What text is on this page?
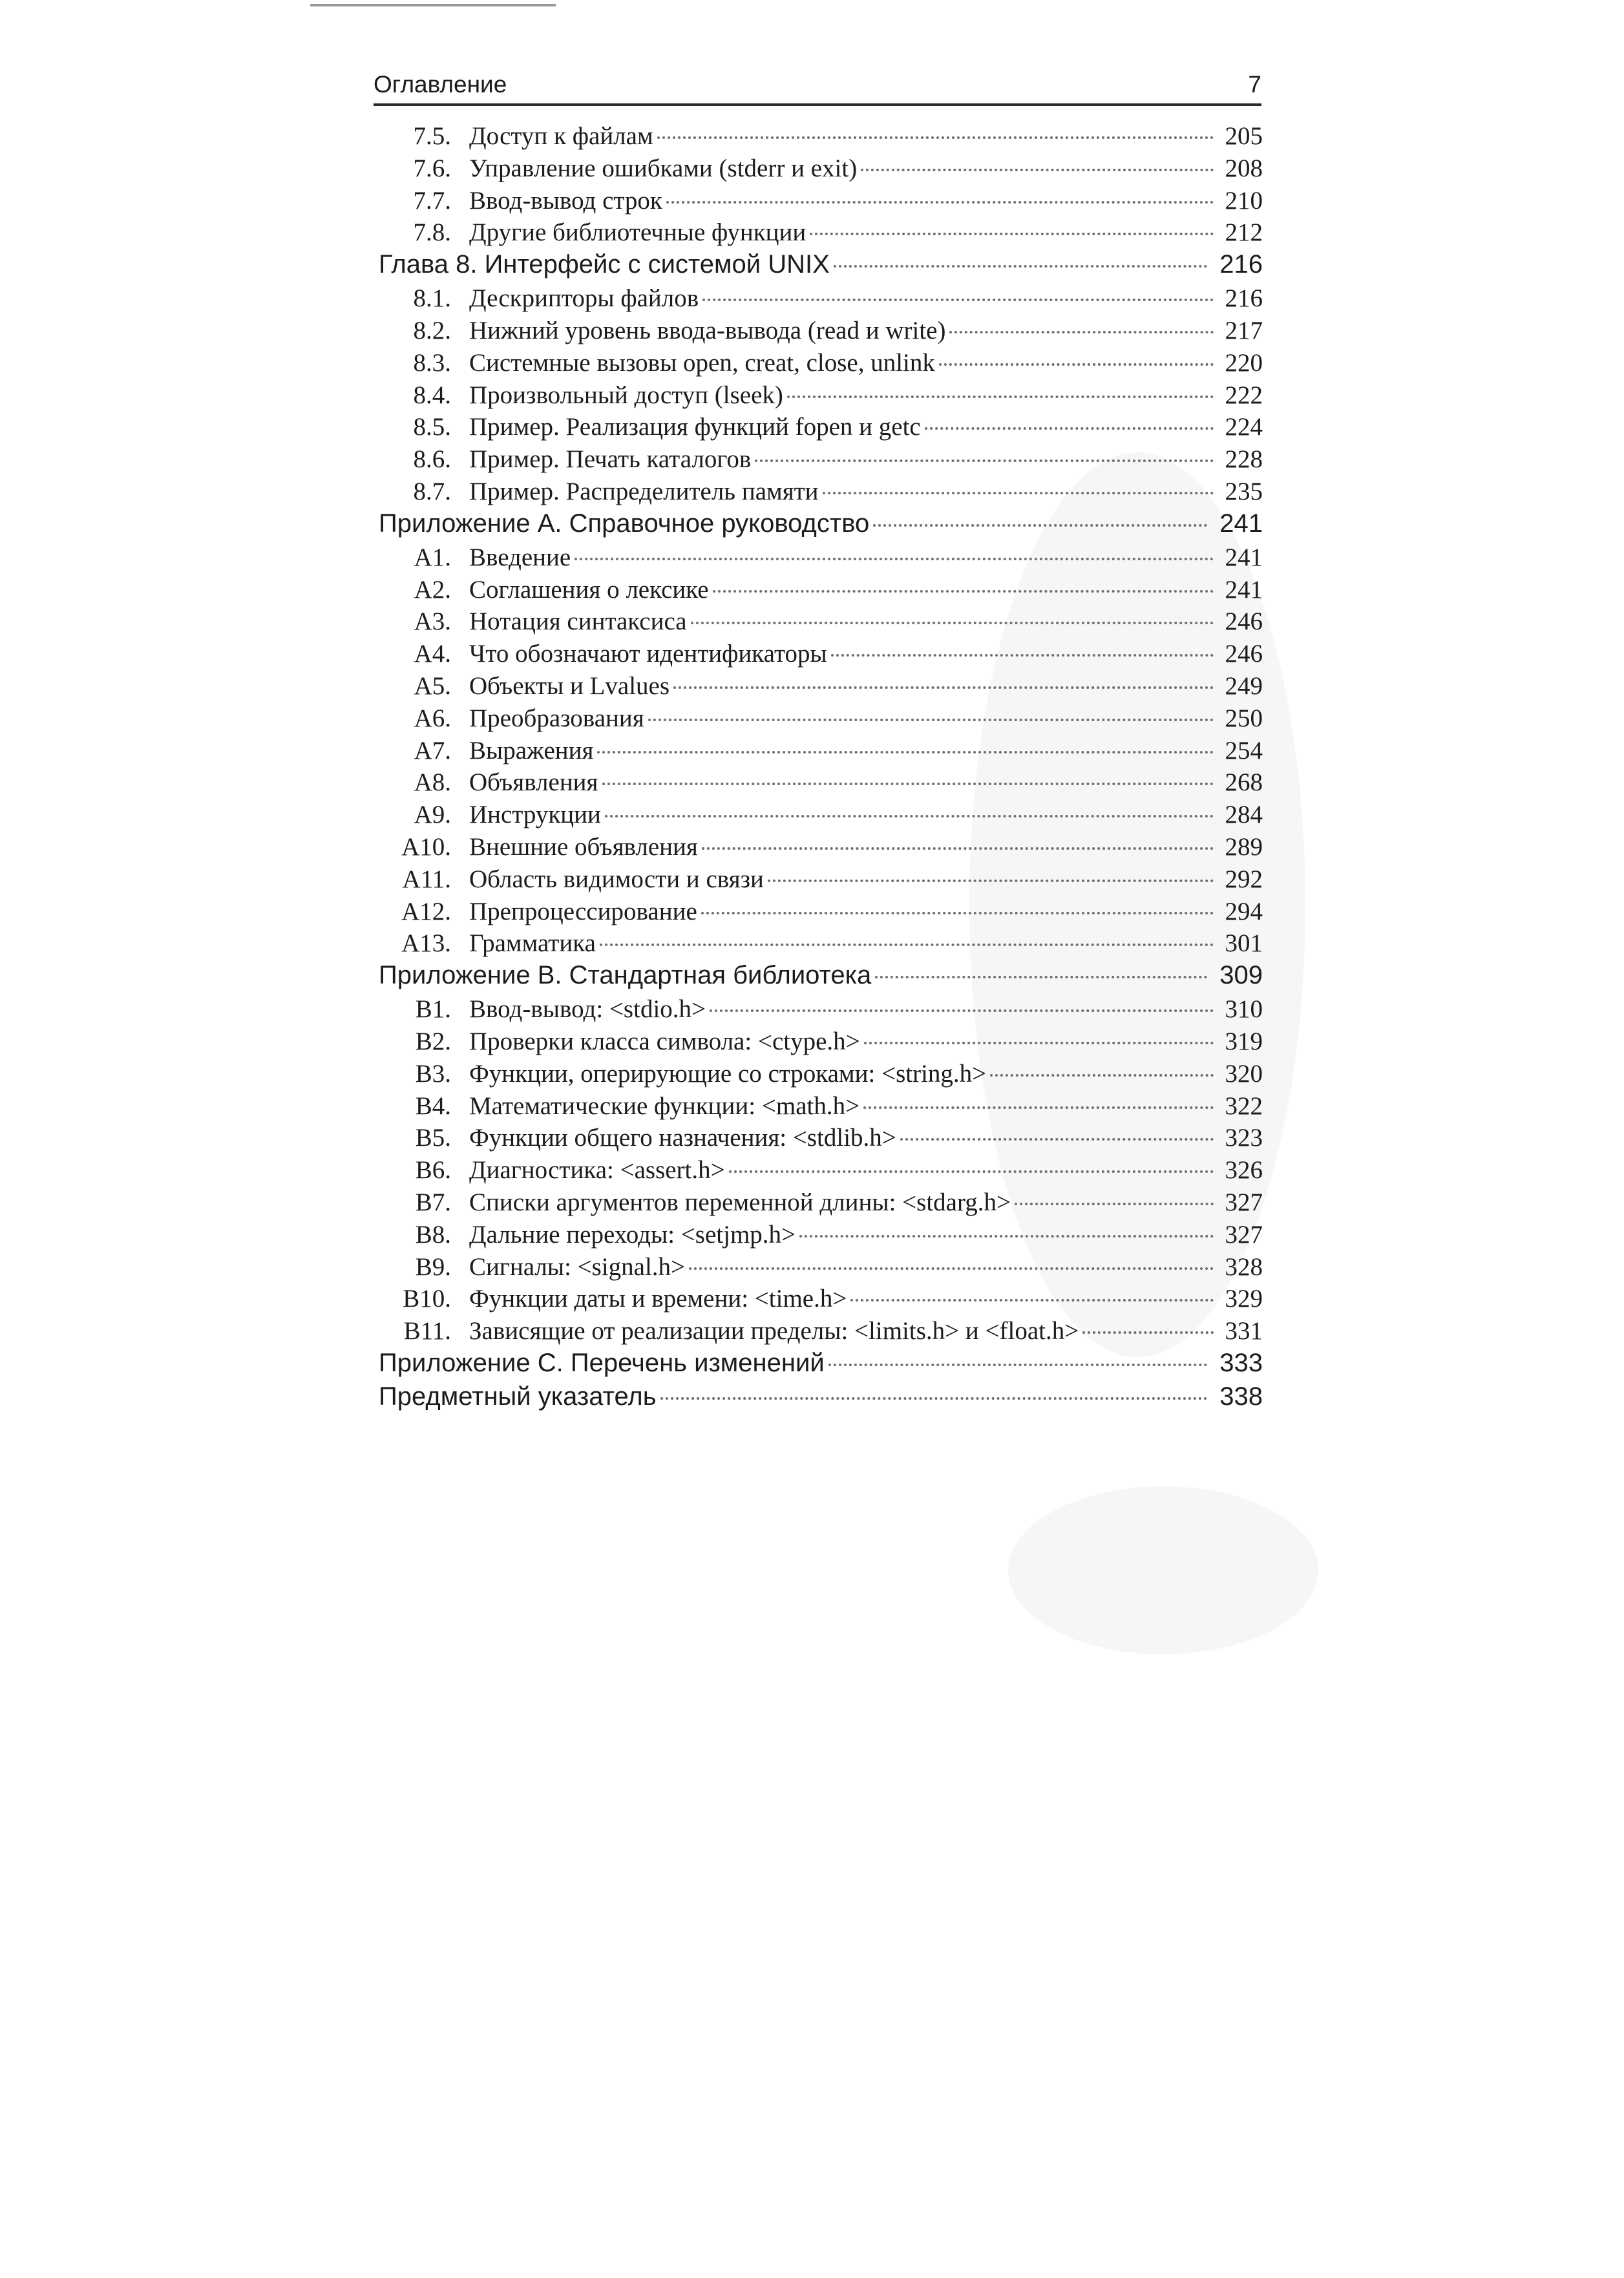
Оглавление	7
7.5. Доступ к файлам	205
7.6. Управление ошибками (stderr и exit)	208
7.7. Ввод-вывод строк	210
7.8. Другие библиотечные функции	212
Глава 8. Интерфейс с системой UNIX	216
8.1. Дескрипторы файлов	216
8.2. Нижний уровень ввода-вывода (read и write)	217
8.3. Системные вызовы open, creat, close, unlink	220
8.4. Произвольный доступ (lseek)	222
8.5. Пример. Реализация функций fopen и getc	224
8.6. Пример. Печать каталогов	228
8.7. Пример. Распределитель памяти	235
Приложение А. Справочное руководство	241
А1. Введение	241
А2. Соглашения о лексике	241
А3. Нотация синтаксиса	246
А4. Что обозначают идентификаторы	246
А5. Объекты и Lvalues	249
А6. Преобразования	250
А7. Выражения	254
А8. Объявления	268
А9. Инструкции	284
А10. Внешние объявления	289
А11. Область видимости и связи	292
А12. Препроцессирование	294
А13. Грамматика	301
Приложение В. Стандартная библиотека	309
В1. Ввод-вывод: <stdio.h>	310
В2. Проверки класса символа: <ctype.h>	319
В3. Функции, оперирующие со строками: <string.h>	320
В4. Математические функции: <math.h>	322
В5. Функции общего назначения: <stdlib.h>	323
В6. Диагностика: <assert.h>	326
В7. Списки аргументов переменной длины: <stdarg.h>	327
В8. Дальние переходы: <setjmp.h>	327
В9. Сигналы: <signal.h>	328
В10. Функции даты и времени: <time.h>	329
В11. Зависящие от реализации пределы: <limits.h> и <float.h>	331
Приложение С. Перечень изменений	333
Предметный указатель	338
